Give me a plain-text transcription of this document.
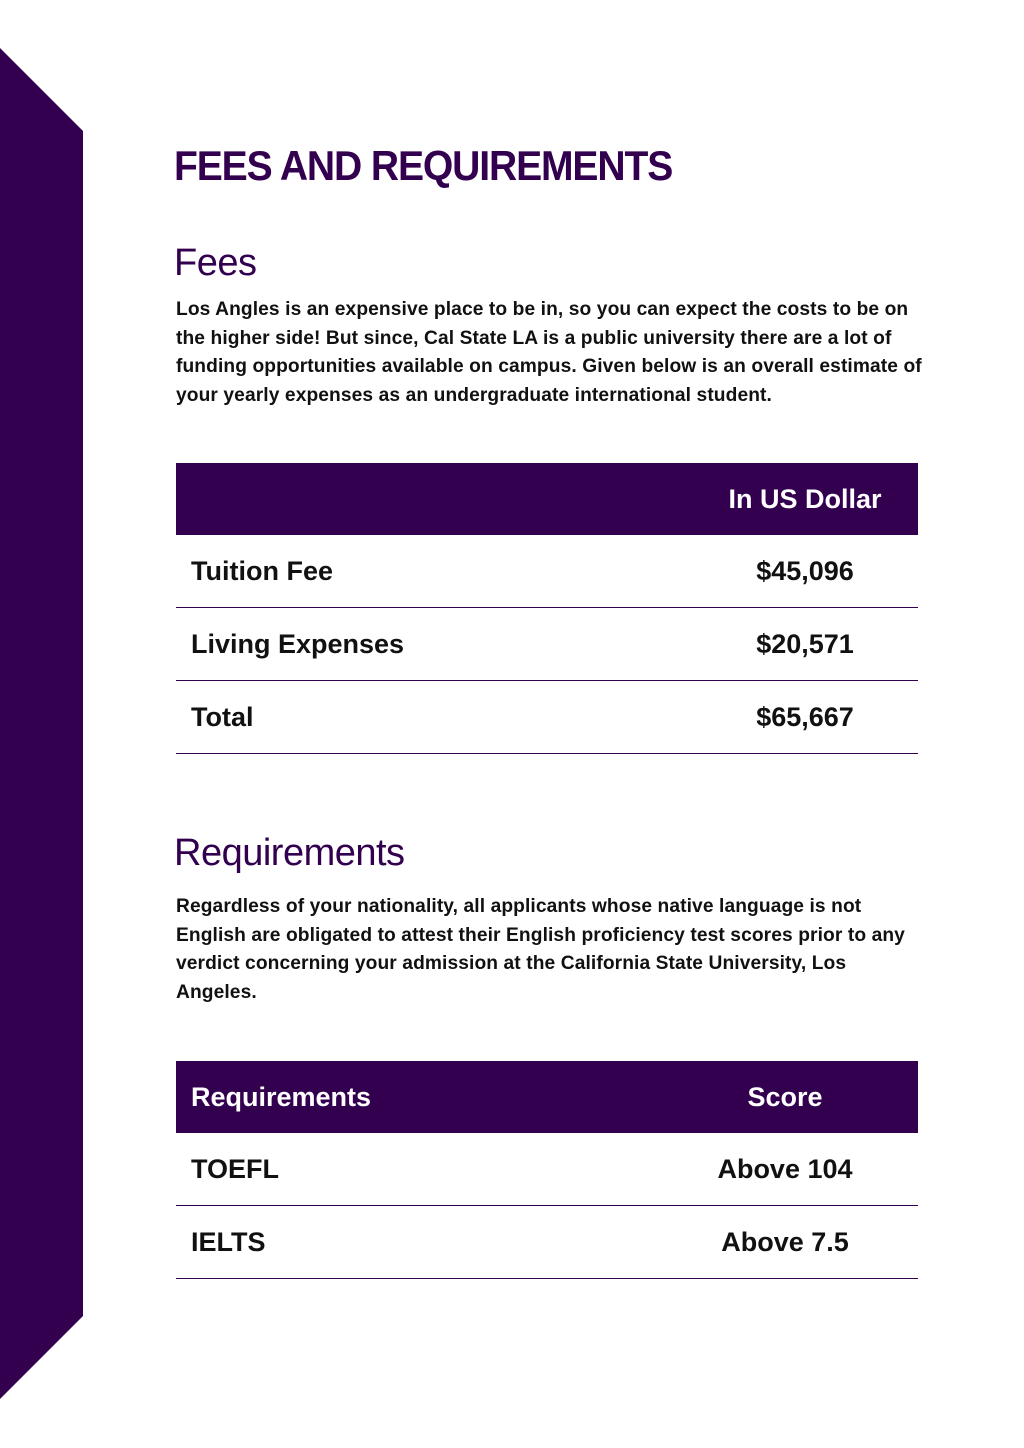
FEES AND REQUIREMENTS
Fees

Los Angles is an expensive place to be in, so you can expect the costs to be on the higher side! But since, Cal State LA is a public university there are a lot of funding opportunities available on campus. Given below is an overall estimate of your yearly expenses as an undergraduate international student.

In US Dollar
Tuition Fee	$45,096
Living Expenses	$20,571
Total	$65,667
Requirements

Regardless of your nationality, all applicants whose native language is not English are obligated to attest their English proficiency test scores prior to any verdict concerning your admission at the California State University, Los Angeles.

Requirements	Score
TOEFL	Above 104
IELTS	Above 7.5
